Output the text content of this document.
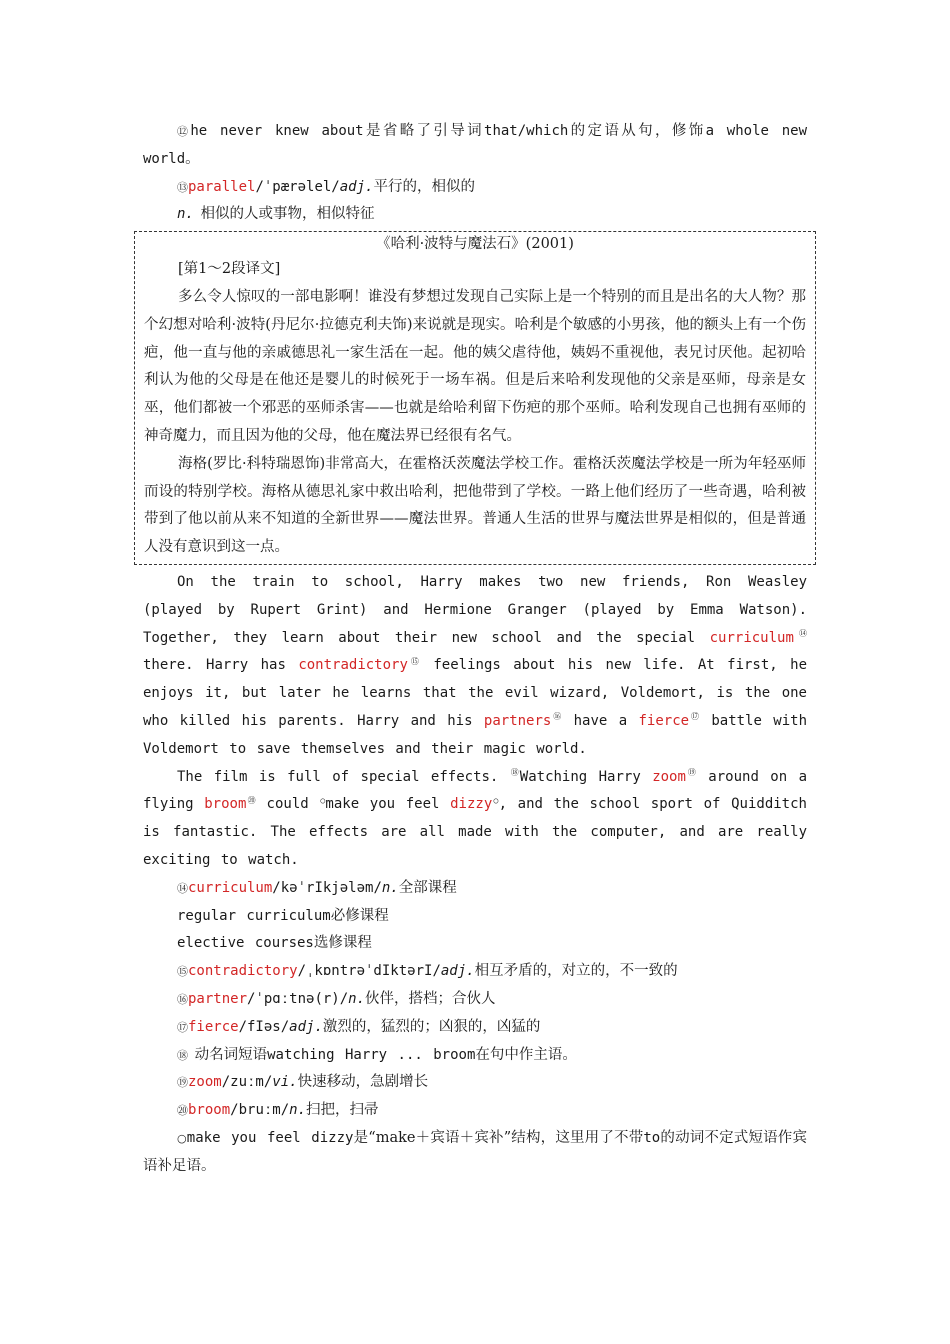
⑫he never knew about是省略了引导词that/which的定语从句，修饰a whole new world。

⑬parallel/ˈpærəlel/adj.平行的，相似的

n. 相似的人或事物，相似特征

《哈利·波特与魔法石》(2001)

[第1～2段译文]

多么令人惊叹的一部电影啊！谁没有梦想过发现自己实际上是一个特别的而且是出名的大人物？那个幻想对哈利·波特(丹尼尔·拉德克利夫饰)来说就是现实。哈利是个敏感的小男孩，他的额头上有一个伤疤，他一直与他的亲戚德思礼一家生活在一起。他的姨父虐待他，姨妈不重视他，表兄讨厌他。起初哈利认为他的父母是在他还是婴儿的时候死于一场车祸。但是后来哈利发现他的父亲是巫师，母亲是女巫，他们都被一个邪恶的巫师杀害——也就是给哈利留下伤疤的那个巫师。哈利发现自己也拥有巫师的神奇魔力，而且因为他的父母，他在魔法界已经很有名气。

海格(罗比·科特瑞恩饰)非常高大，在霍格沃茨魔法学校工作。霍格沃茨魔法学校是一所为年轻巫师而设的特别学校。海格从德思礼家中救出哈利，把他带到了学校。一路上他们经历了一些奇遇，哈利被带到了他以前从来不知道的全新世界——魔法世界。普通人生活的世界与魔法世界是相似的，但是普通人没有意识到这一点。

On the train to school, Harry makes two new friends, Ron Weasley (played by Rupert Grint) and Hermione Granger (played by Emma Watson). Together, they learn about their new school and the special curriculum⑭ there. Harry has contradictory⑮ feelings about his new life. At first, he enjoys it, but later he learns that the evil wizard, Voldemort, is the one who killed his parents. Harry and his partners⑯ have a fierce⑰ battle with Voldemort to save themselves and their magic world.

The film is full of special effects. ⑱Watching Harry zoom⑲ around on a flying broom⑳ could ○make you feel dizzy○, and the school sport of Quidditch is fantastic. The effects are all made with the computer, and are really exciting to watch.

⑭curriculum/kəˈrIkjələm/n.全部课程

regular curriculum必修课程

elective courses选修课程

⑮contradictory/ˌkɒntrəˈdIktərI/adj.相互矛盾的，对立的，不一致的

⑯partner/ˈpɑːtnə(r)/n.伙伴，搭档；合伙人

⑰fierce/fIəs/adj.激烈的，猛烈的；凶狠的，凶猛的

⑱ 动名词短语watching Harry ... broom在句中作主语。

⑲zoom/zuːm/vi.快速移动，急剧增长

⑳broom/bruːm/n.扫把，扫帚

○make you feel dizzy是“make＋宾语＋宾补”结构，这里用了不带to的动词不定式短语作宾语补足语。
